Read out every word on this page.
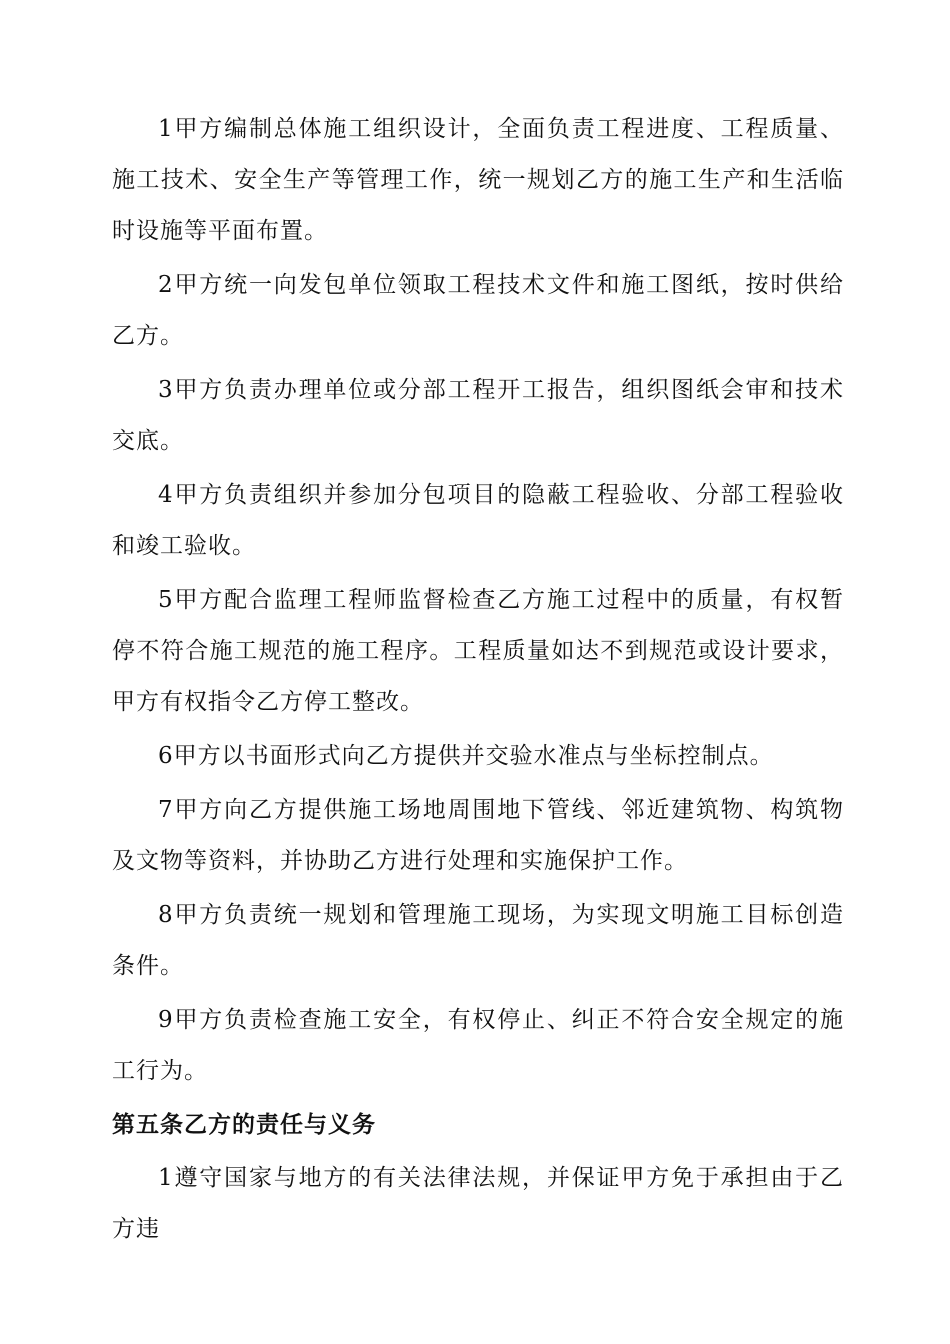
1甲方编制总体施工组织设计，全面负责工程进度、工程质量、施工技术、安全生产等管理工作，统一规划乙方的施工生产和生活临时设施等平面布置。

2甲方统一向发包单位领取工程技术文件和施工图纸，按时供给乙方。

3甲方负责办理单位或分部工程开工报告，组织图纸会审和技术交底。

4甲方负责组织并参加分包项目的隐蔽工程验收、分部工程验收和竣工验收。

5甲方配合监理工程师监督检查乙方施工过程中的质量，有权暂停不符合施工规范的施工程序。工程质量如达不到规范或设计要求，甲方有权指令乙方停工整改。

6甲方以书面形式向乙方提供并交验水准点与坐标控制点。

7甲方向乙方提供施工场地周围地下管线、邻近建筑物、构筑物及文物等资料，并协助乙方进行处理和实施保护工作。

8甲方负责统一规划和管理施工现场，为实现文明施工目标创造条件。

9甲方负责检查施工安全，有权停止、纠正不符合安全规定的施工行为。

第五条乙方的责任与义务

1遵守国家与地方的有关法律法规，并保证甲方免于承担由于乙方违
